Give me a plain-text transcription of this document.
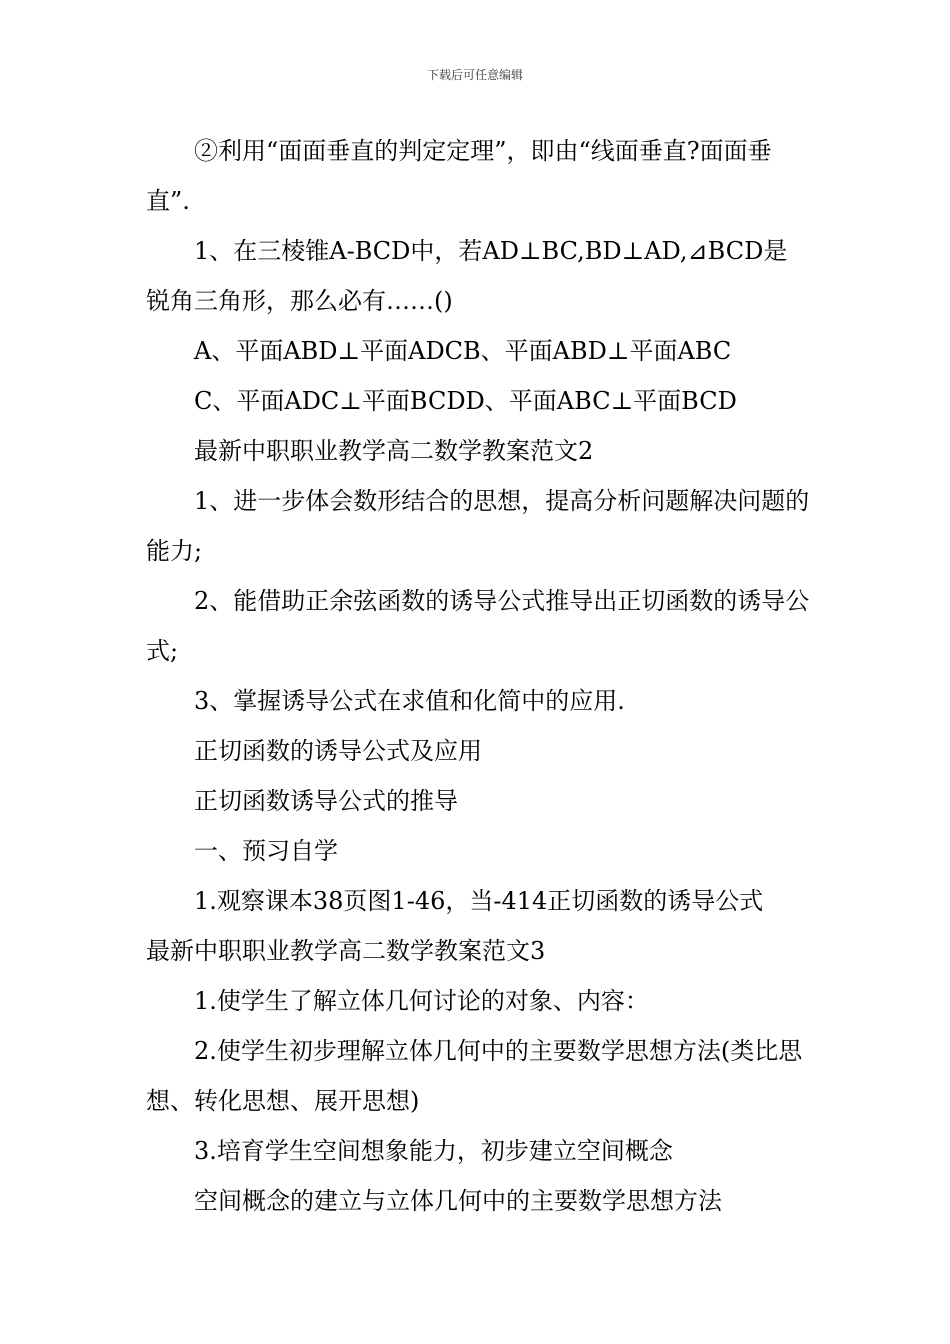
下载后可任意编辑

②利用“面面垂直的判定定理”，即由“线面垂直?面面垂直”.

1、在三棱锥A-BCD中，若AD⊥BC,BD⊥AD,⊿BCD是锐角三角形，那么必有……()

A、平面ABD⊥平面ADCB、平面ABD⊥平面ABC

C、平面ADC⊥平面BCDD、平面ABC⊥平面BCD

最新中职职业教学高二数学教案范文2

1、进一步体会数形结合的思想，提高分析问题解决问题的能力;

2、能借助正余弦函数的诱导公式推导出正切函数的诱导公式;

3、掌握诱导公式在求值和化简中的应用.

正切函数的诱导公式及应用

正切函数诱导公式的推导

一、预习自学

1.观察课本38页图1-46，当-414正切函数的诱导公式

最新中职职业教学高二数学教案范文3

1.使学生了解立体几何讨论的对象、内容：

2.使学生初步理解立体几何中的主要数学思想方法(类比思想、转化思想、展开思想)

3.培育学生空间想象能力，初步建立空间概念

空间概念的建立与立体几何中的主要数学思想方法
